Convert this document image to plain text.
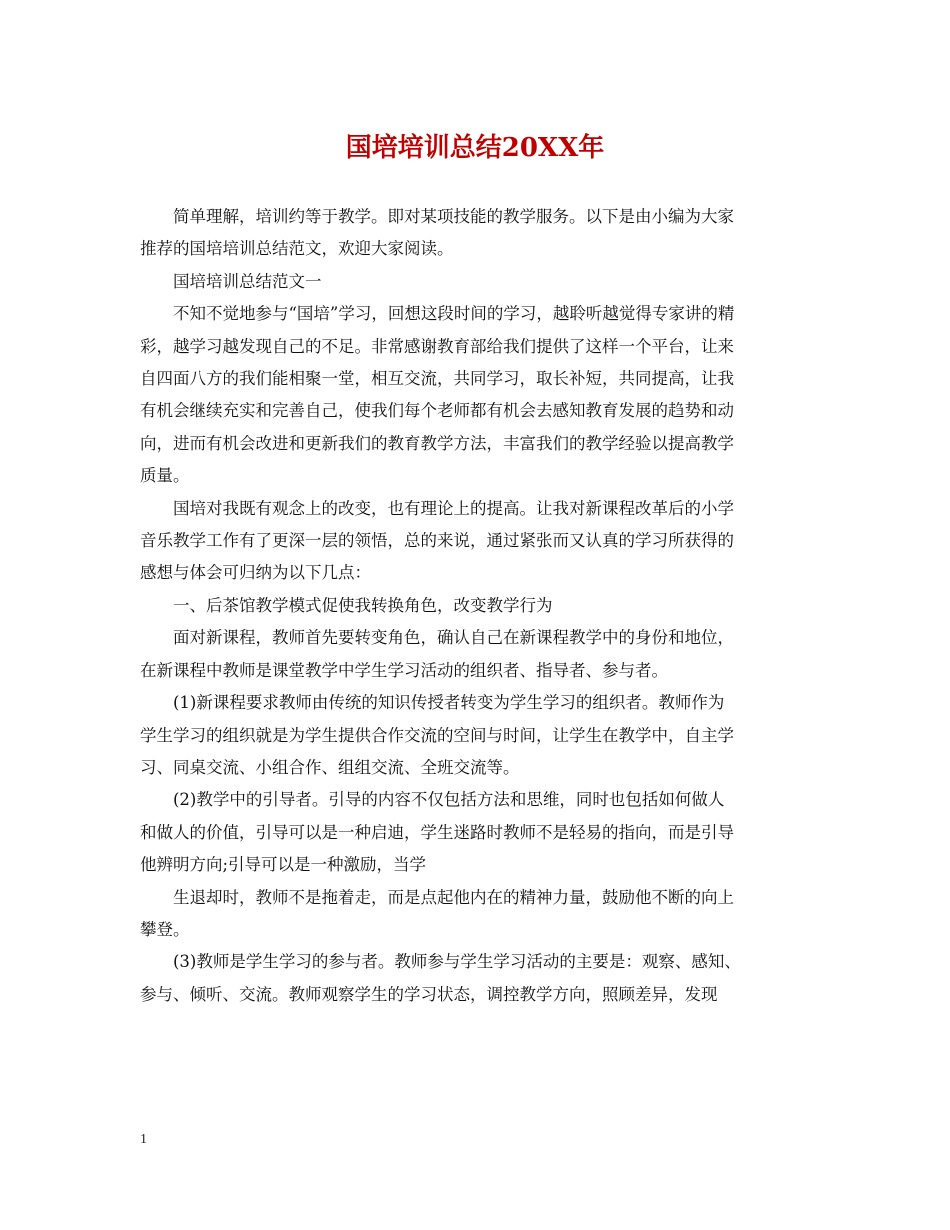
国培培训总结20XX年
简单理解，培训约等于教学。即对某项技能的教学服务。以下是由小编为大家
推荐的国培培训总结范文，欢迎大家阅读。
国培培训总结范文一
不知不觉地参与“国培”学习，回想这段时间的学习，越聆听越觉得专家讲的精
彩，越学习越发现自己的不足。非常感谢教育部给我们提供了这样一个平台，让来
自四面八方的我们能相聚一堂，相互交流，共同学习，取长补短，共同提高，让我
有机会继续充实和完善自己，使我们每个老师都有机会去感知教育发展的趋势和动
向，进而有机会改进和更新我们的教育教学方法，丰富我们的教学经验以提高教学
质量。
国培对我既有观念上的改变，也有理论上的提高。让我对新课程改革后的小学
音乐教学工作有了更深一层的领悟，总的来说，通过紧张而又认真的学习所获得的
感想与体会可归纳为以下几点：
一、后茶馆教学模式促使我转换角色，改变教学行为
面对新课程，教师首先要转变角色，确认自己在新课程教学中的身份和地位，
在新课程中教师是课堂教学中学生学习活动的组织者、指导者、参与者。
(1)新课程要求教师由传统的知识传授者转变为学生学习的组织者。教师作为
学生学习的组织就是为学生提供合作交流的空间与时间，让学生在教学中，自主学
习、同桌交流、小组合作、组组交流、全班交流等。
(2)教学中的引导者。引导的内容不仅包括方法和思维，同时也包括如何做人
和做人的价值，引导可以是一种启迪，学生迷路时教师不是轻易的指向，而是引导
他辨明方向;引导可以是一种激励，当学
生退却时，教师不是拖着走，而是点起他内在的精神力量，鼓励他不断的向上
攀登。
(3)教师是学生学习的参与者。教师参与学生学习活动的主要是：观察、感知、
参与、倾听、交流。教师观察学生的学习状态，调控教学方向，照顾差异，发现
1
